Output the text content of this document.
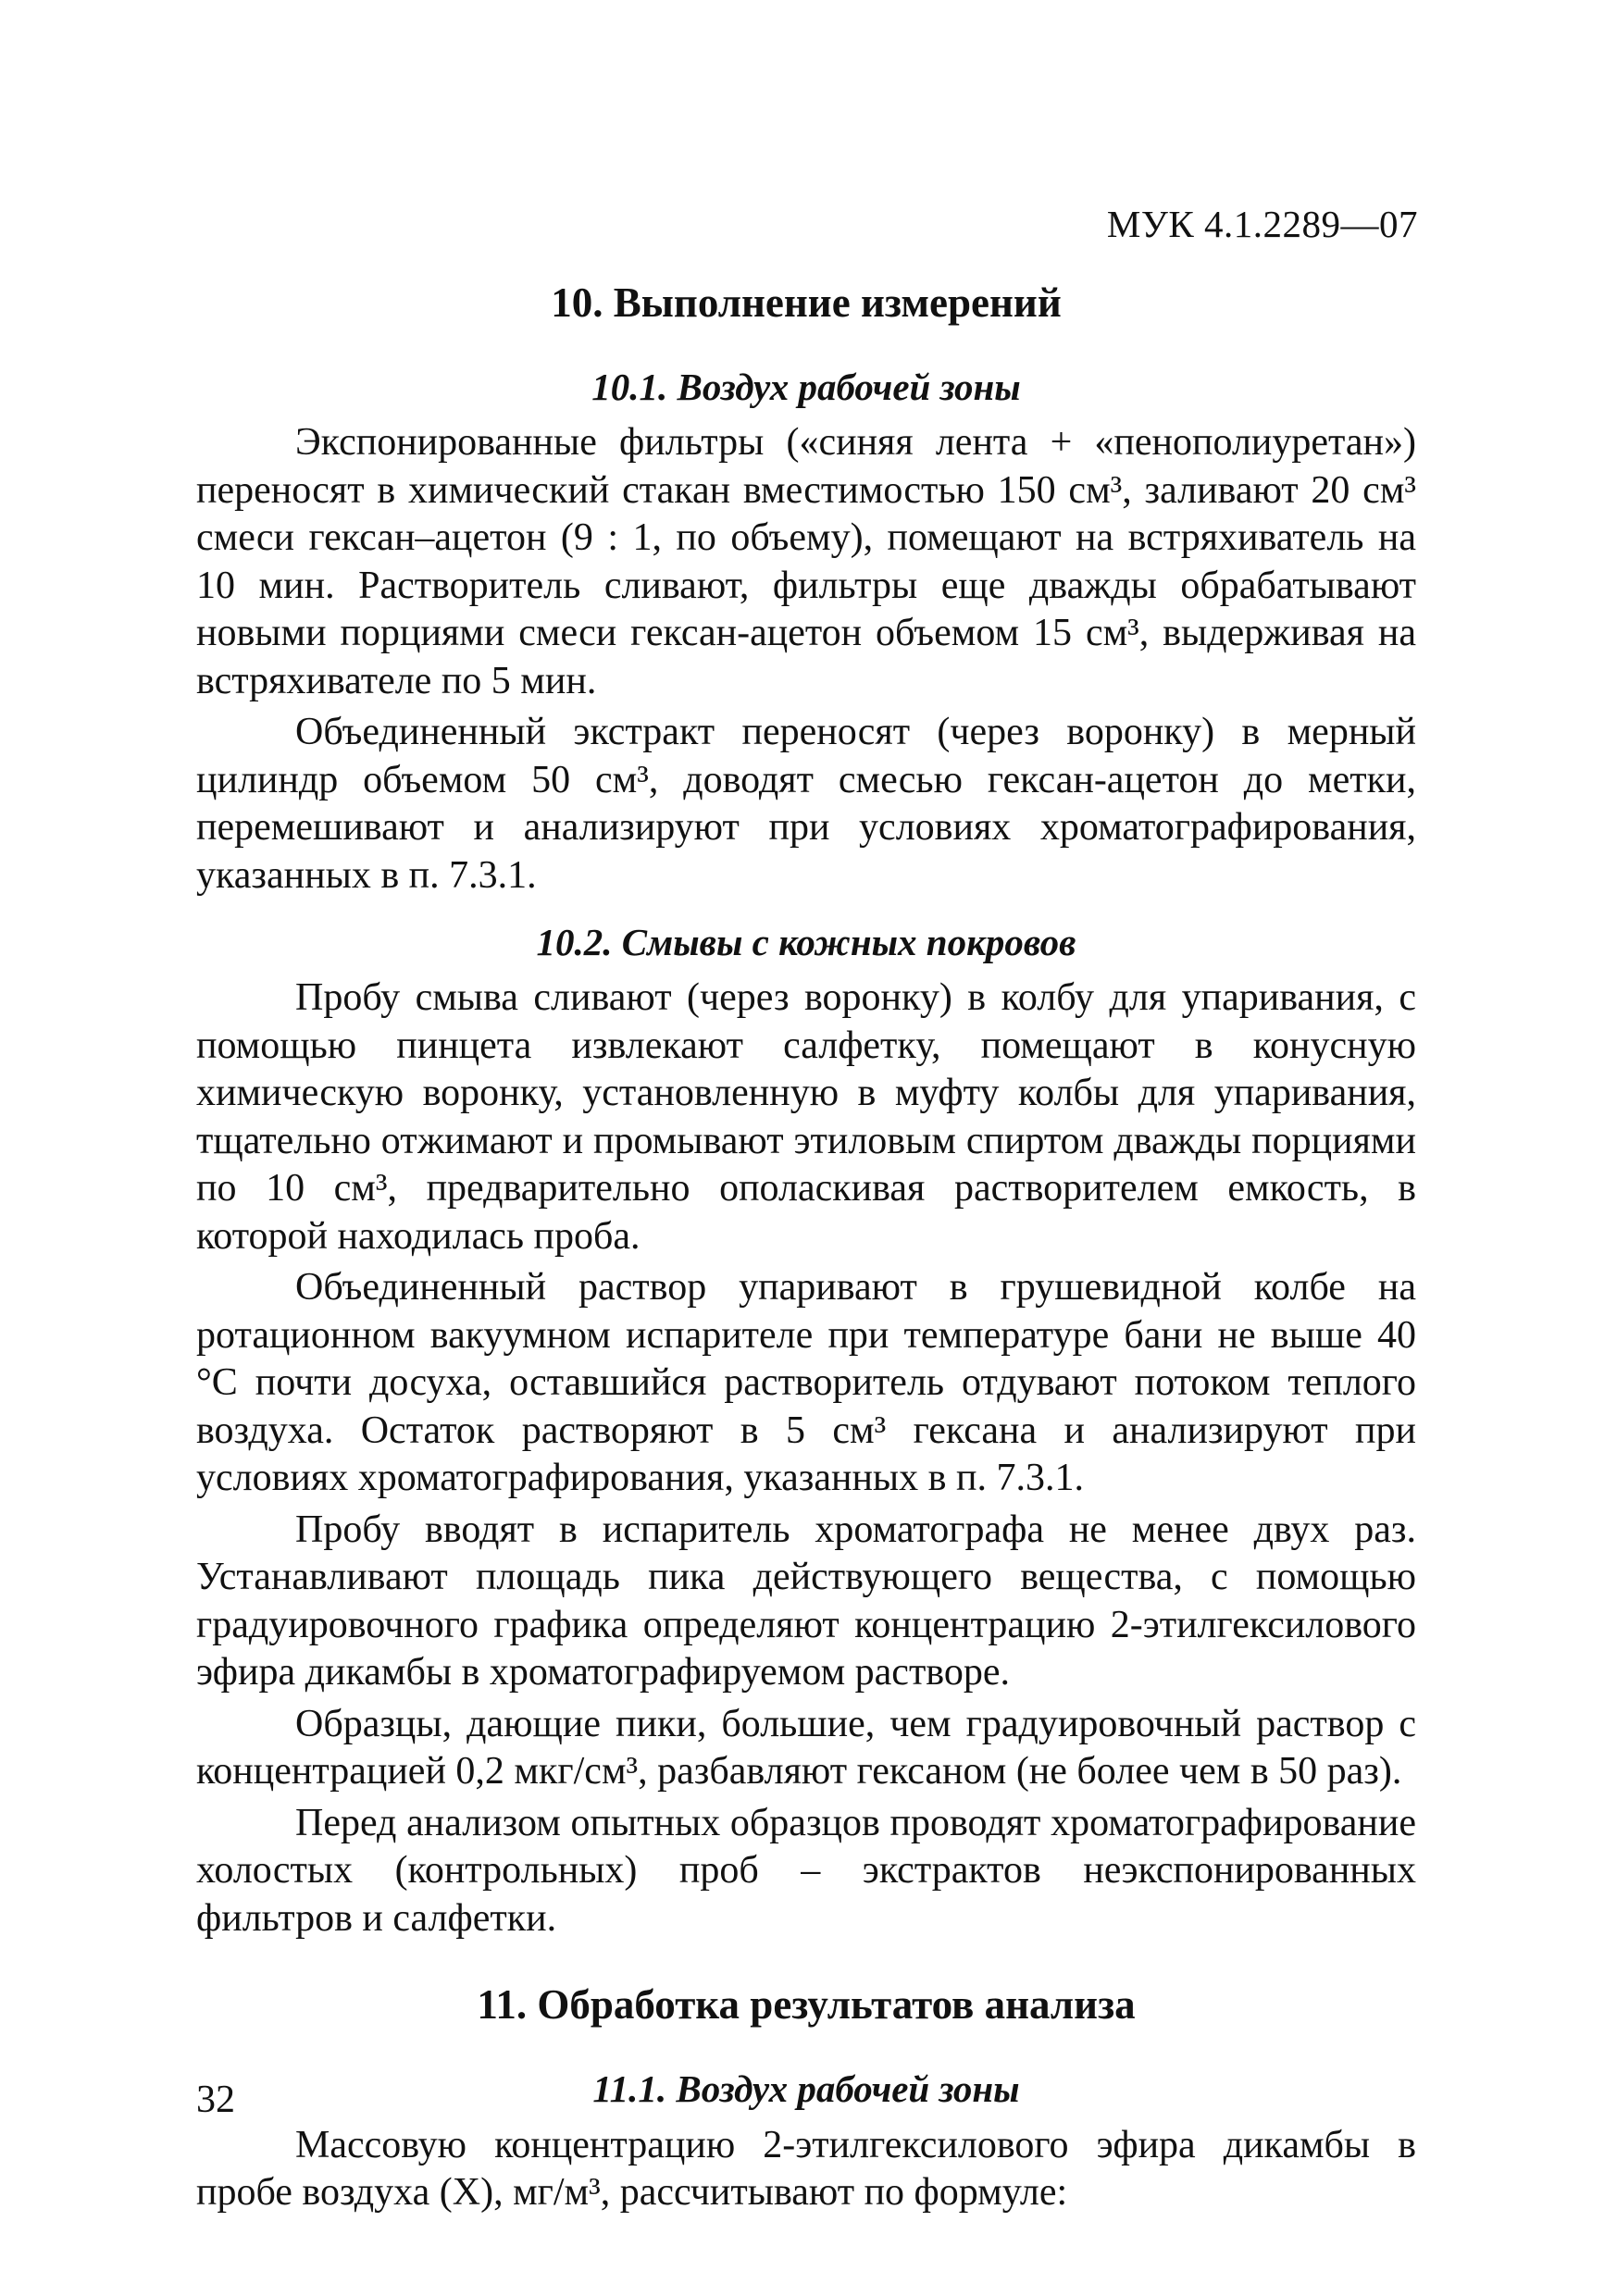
МУК 4.1.2289—07
10. Выполнение измерений
10.1. Воздух рабочей зоны

Экспонированные фильтры («синяя лента + «пенополиуретан») переносят в химический стакан вместимостью 150 см³, заливают 20 см³ смеси гексан–ацетон (9 : 1, по объему), помещают на встряхиватель на 10 мин. Растворитель сливают, фильтры еще дважды обрабатывают новыми порциями смеси гексан-ацетон объемом 15 см³, выдерживая на встряхивателе по 5 мин.

Объединенный экстракт переносят (через воронку) в мерный цилиндр объемом 50 см³, доводят смесью гексан-ацетон до метки, перемешивают и анализируют при условиях хроматографирования, указанных в п. 7.3.1.

10.2. Смывы с кожных покровов

Пробу смыва сливают (через воронку) в колбу для упаривания, с помощью пинцета извлекают салфетку, помещают в конусную химическую воронку, установленную в муфту колбы для упаривания, тщательно отжимают и промывают этиловым спиртом дважды порциями по 10 см³, предварительно ополаскивая растворителем емкость, в которой находилась проба.

Объединенный раствор упаривают в грушевидной колбе на ротационном вакуумном испарителе при температуре бани не выше 40 °С почти досуха, оставшийся растворитель отдувают потоком теплого воздуха. Остаток растворяют в 5 см³ гексана и анализируют при условиях хроматографирования, указанных в п. 7.3.1.

Пробу вводят в испаритель хроматографа не менее двух раз. Устанавливают площадь пика действующего вещества, с помощью градуировочного графика определяют концентрацию 2-этилгексилового эфира дикамбы в хроматографируемом растворе.

Образцы, дающие пики, большие, чем градуировочный раствор с концентрацией 0,2 мкг/см³, разбавляют гексаном (не более чем в 50 раз).

Перед анализом опытных образцов проводят хроматографирование холостых (контрольных) проб – экстрактов неэкспонированных фильтров и салфетки.

11. Обработка результатов анализа
11.1. Воздух рабочей зоны

Массовую концентрацию 2-этилгексилового эфира дикамбы в пробе воздуха (X), мг/м³, рассчитывают по формуле:

32
